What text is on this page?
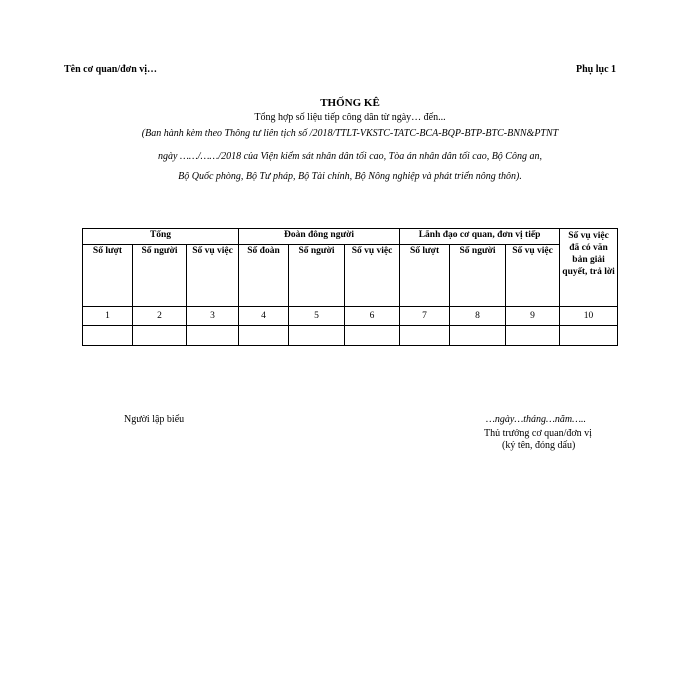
Tên cơ quan/đơn vị…	Phụ lục 1
THỐNG KÊ
Tổng hợp số liệu tiếp công dân từ ngày… đến...
(Ban hành kèm theo Thông tư liên tịch số /2018/TTLT-VKSTC-TATC-BCA-BQP-BTP-BTC-BNN&PTNT
ngày ……/……/2018 của Viện kiểm sát nhân dân tối cao, Tòa án nhân dân tối cao, Bộ Công an,
Bộ Quốc phòng, Bộ Tư pháp, Bộ Tài chính, Bộ Nông nghiệp và phát triển nông thôn).
Tổng			Đoàn đông người			Lãnh đạo cơ quan, đơn vị tiếp			Số vụ việc đã có văn bản giải quyết, trả lời
Số lượt	Số người	Số vụ việc	Số đoàn	Số người	Số vụ việc	Số lượt	Số người	Số vụ việc	
1	2	3	4	5	6	7	8	9	10

Người lập biểu	…ngày…tháng…năm…..
Thủ trưởng cơ quan/đơn vị
(ký tên, đóng dấu)
